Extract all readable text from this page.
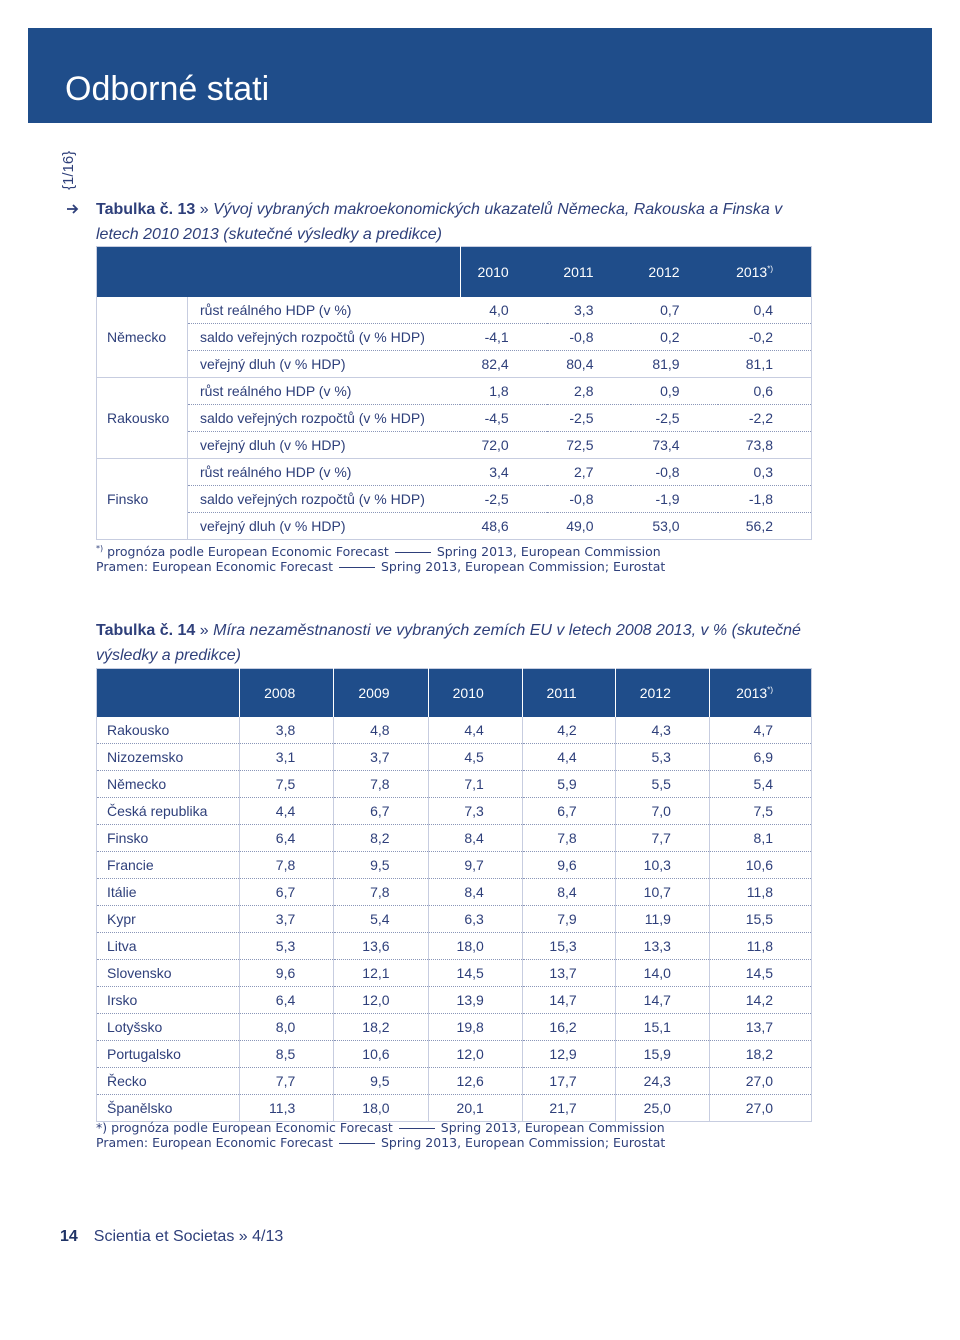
Odborné stati
{1/16}
Tabulka č. 13 » Vývoj vybraných makroekonomických ukazatelů Německa, Rakouska a Finska v letech 2010 2013 (skutečné výsledky a predikce)
		2010	2011	2012	2013*)
Německo	růst reálného HDP (v %)	4,0	3,3	0,7	0,4
	saldo veřejných rozpočtů (v % HDP)	-4,1	-0,8	0,2	-0,2
	veřejný dluh (v % HDP)	82,4	80,4	81,9	81,1
Rakousko	růst reálného HDP (v %)	1,8	2,8	0,9	0,6
	saldo veřejných rozpočtů (v % HDP)	-4,5	-2,5	-2,5	-2,2
	veřejný dluh (v % HDP)	72,0	72,5	73,4	73,8
Finsko	růst reálného HDP (v %)	3,4	2,7	-0,8	0,3
	saldo veřejných rozpočtů (v % HDP)	-2,5	-0,8	-1,9	-1,8
	veřejný dluh (v % HDP)	48,6	49,0	53,0	56,2
*) prognóza podle European Economic Forecast	Spring 2013, European Commission
Pramen: European Economic Forecast	Spring 2013, European Commission; Eurostat
Tabulka č. 14 » Míra nezaměstnanosti ve vybraných zemích EU v letech 2008 2013, v % (skutečné výsledky a predikce)
	2008	2009	2010	2011	2012	2013*)
Rakousko	3,8	4,8	4,4	4,2	4,3	4,7
Nizozemsko	3,1	3,7	4,5	4,4	5,3	6,9
Německo	7,5	7,8	7,1	5,9	5,5	5,4
Česká republika	4,4	6,7	7,3	6,7	7,0	7,5
Finsko	6,4	8,2	8,4	7,8	7,7	8,1
Francie	7,8	9,5	9,7	9,6	10,3	10,6
Itálie	6,7	7,8	8,4	8,4	10,7	11,8
Kypr	3,7	5,4	6,3	7,9	11,9	15,5
Litva	5,3	13,6	18,0	15,3	13,3	11,8
Slovensko	9,6	12,1	14,5	13,7	14,0	14,5
Irsko	6,4	12,0	13,9	14,7	14,7	14,2
Lotyšsko	8,0	18,2	19,8	16,2	15,1	13,7
Portugalsko	8,5	10,6	12,0	12,9	15,9	18,2
Řecko	7,7	9,5	12,6	17,7	24,3	27,0
Španělsko	11,3	18,0	20,1	21,7	25,0	27,0
*) prognóza podle European Economic Forecast	Spring 2013, European Commission
Pramen: European Economic Forecast	Spring 2013, European Commission; Eurostat
14 Scientia et Societas » 4/13
